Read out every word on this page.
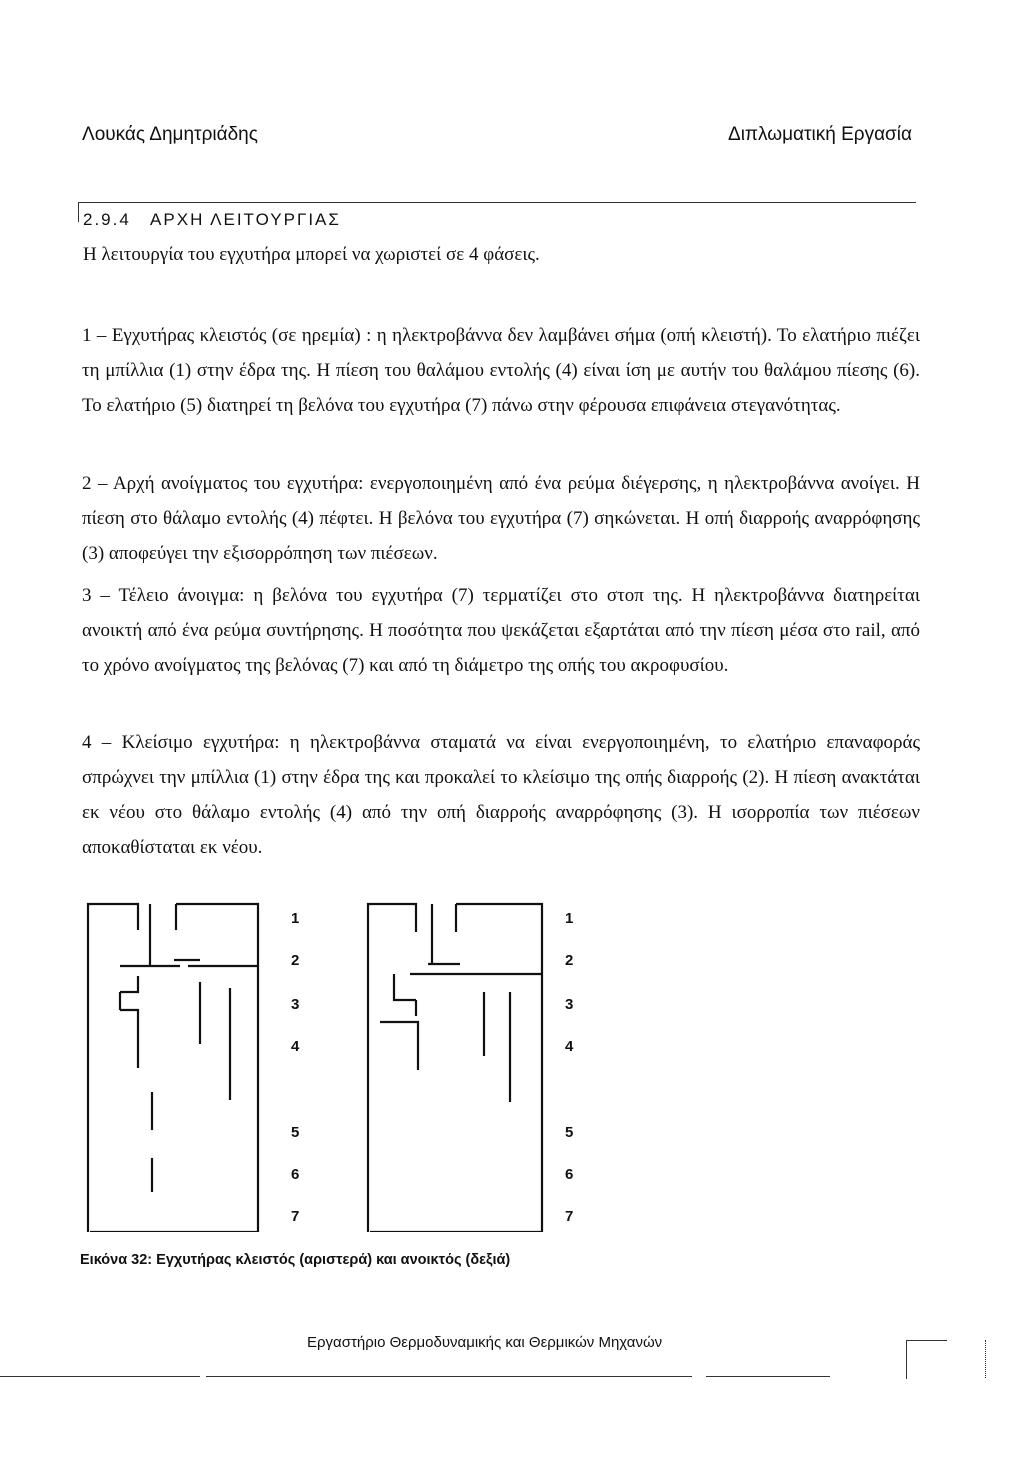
Λουκάς Δημητριάδης	Διπλωματική Εργασία
2.9.4 ΑΡΧΗ ΛΕΙΤΟΥΡΓΙΑΣ
Η λειτουργία του εγχυτήρα μπορεί να χωριστεί σε 4 φάσεις.

1 – Εγχυτήρας κλειστός (σε ηρεμία) : η ηλεκτροβάννα δεν λαμβάνει σήμα (οπή κλειστή). Το ελατήριο πιέζει τη μπίλλια (1) στην έδρα της. Η πίεση του θαλάμου εντολής (4) είναι ίση με αυτήν του θαλάμου πίεσης (6). Το ελατήριο (5) διατηρεί τη βελόνα του εγχυτήρα (7) πάνω στην φέρουσα επιφάνεια στεγανότητας.

2 – Αρχή ανοίγματος του εγχυτήρα: ενεργοποιημένη από ένα ρεύμα διέγερσης, η ηλεκτροβάννα ανοίγει. Η πίεση στο θάλαμο εντολής (4) πέφτει. Η βελόνα του εγχυτήρα (7) σηκώνεται. Η οπή διαρροής αναρρόφησης (3) αποφεύγει την εξισορρόπηση των πιέσεων.

3 – Τέλειο άνοιγμα: η βελόνα του εγχυτήρα (7) τερματίζει στο στοπ της. Η ηλεκτροβάννα διατηρείται ανοικτή από ένα ρεύμα συντήρησης. Η ποσότητα που ψεκάζεται εξαρτάται από την πίεση μέσα στο rail, από το χρόνο ανοίγματος της βελόνας (7) και από τη διάμετρο της οπής του ακροφυσίου.

4 – Κλείσιμο εγχυτήρα: η ηλεκτροβάννα σταματά να είναι ενεργοποιημένη, το ελατήριο επαναφοράς σπρώχνει την μπίλλια (1) στην έδρα της και προκαλεί το κλείσιμο της οπής διαρροής (2). Η πίεση ανακτάται εκ νέου στο θάλαμο εντολής (4) από την οπή διαρροής αναρρόφησης (3). Η ισορροπία των πιέσεων αποκαθίσταται εκ νέου.

Εικόνα 32: Εγχυτήρας κλειστός (αριστερά) και ανοικτός (δεξιά)
Εργαστήριο Θερμοδυναμικής και Θερμικών Μηχανών
1
2
3
4
5
6
7
1
2
3
4
5
6
7
